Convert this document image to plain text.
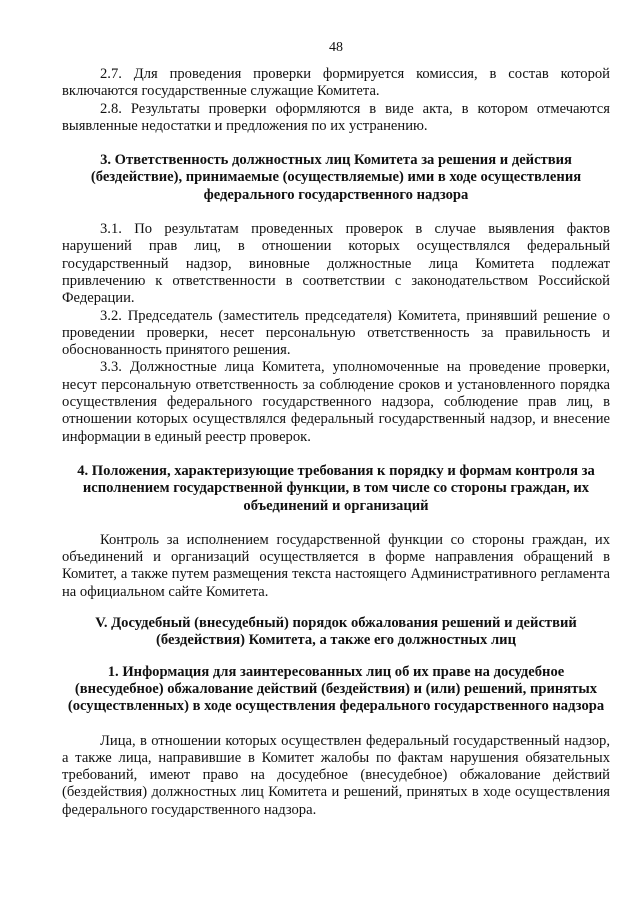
48

2.7. Для проведения проверки формируется комиссия, в состав которой включаются государственные служащие Комитета.

2.8. Результаты проверки оформляются в виде акта, в котором отмечаются выявленные недостатки и предложения по их устранению.

3. Ответственность должностных лиц Комитета за решения и действия (бездействие), принимаемые (осуществляемые) ими в ходе осуществления федерального государственного надзора

3.1. По результатам проведенных проверок в случае выявления фактов нарушений прав лиц, в отношении которых осуществлялся федеральный государственный надзор, виновные должностные лица Комитета подлежат привлечению к ответственности в соответствии с законодательством Российской Федерации.

3.2. Председатель (заместитель председателя) Комитета, принявший решение о проведении проверки, несет персональную ответственность за правильность и обоснованность принятого решения.

3.3. Должностные лица Комитета, уполномоченные на проведение проверки, несут персональную ответственность за соблюдение сроков и установленного порядка осуществления федерального государственного надзора, соблюдение прав лиц, в отношении которых осуществлялся федеральный государственный надзор, и внесение информации в единый реестр проверок.

4. Положения, характеризующие требования к порядку и формам контроля за исполнением государственной функции, в том числе со стороны граждан, их объединений и организаций

Контроль за исполнением государственной функции со стороны граждан, их объединений и организаций осуществляется в форме направления обращений в Комитет, а также путем размещения текста настоящего Административного регламента на официальном сайте Комитета.

V. Досудебный (внесудебный) порядок обжалования решений и действий (бездействия) Комитета, а также его должностных лиц
1. Информация для заинтересованных лиц об их праве на досудебное (внесудебное) обжалование действий (бездействия) и (или) решений, принятых (осуществленных) в ходе осуществления федерального государственного надзора

Лица, в отношении которых осуществлен федеральный государственный надзор, а также лица, направившие в Комитет жалобы по фактам нарушения обязательных требований, имеют право на досудебное (внесудебное) обжалование действий (бездействия) должностных лиц Комитета и решений, принятых в ходе осуществления федерального государственного надзора.
